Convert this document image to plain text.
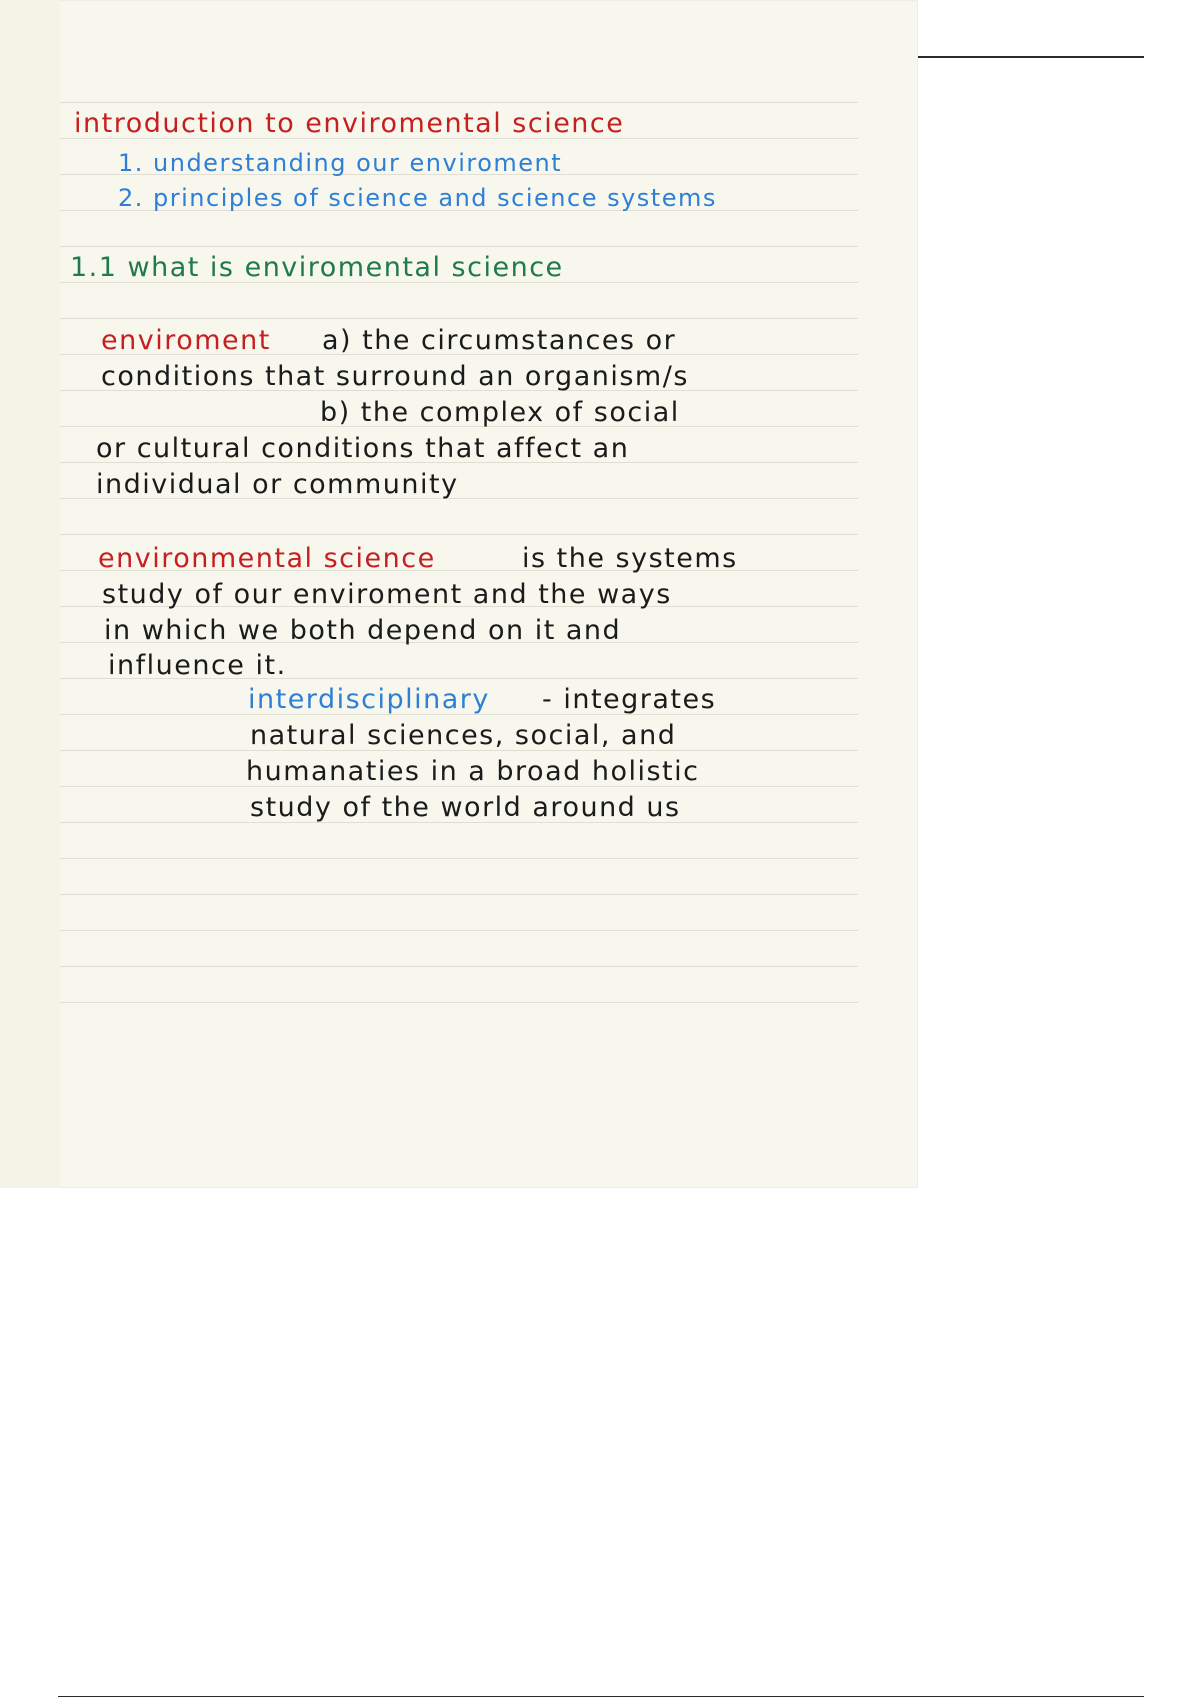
introduction to enviromental science
1. understanding our enviroment
2. principles of science and science systems
1.1 what is enviromental science
enviroment a) the circumstances or
conditions that surround an organism/s
b) the complex of social
or cultural conditions that affect an
individual or community
environmental science	is the systems
study of our enviroment and the ways
in which we both depend on it and
influence it.
interdisciplinary - integrates
natural sciences, social, and
humanaties in a broad holistic
study of the world around us
